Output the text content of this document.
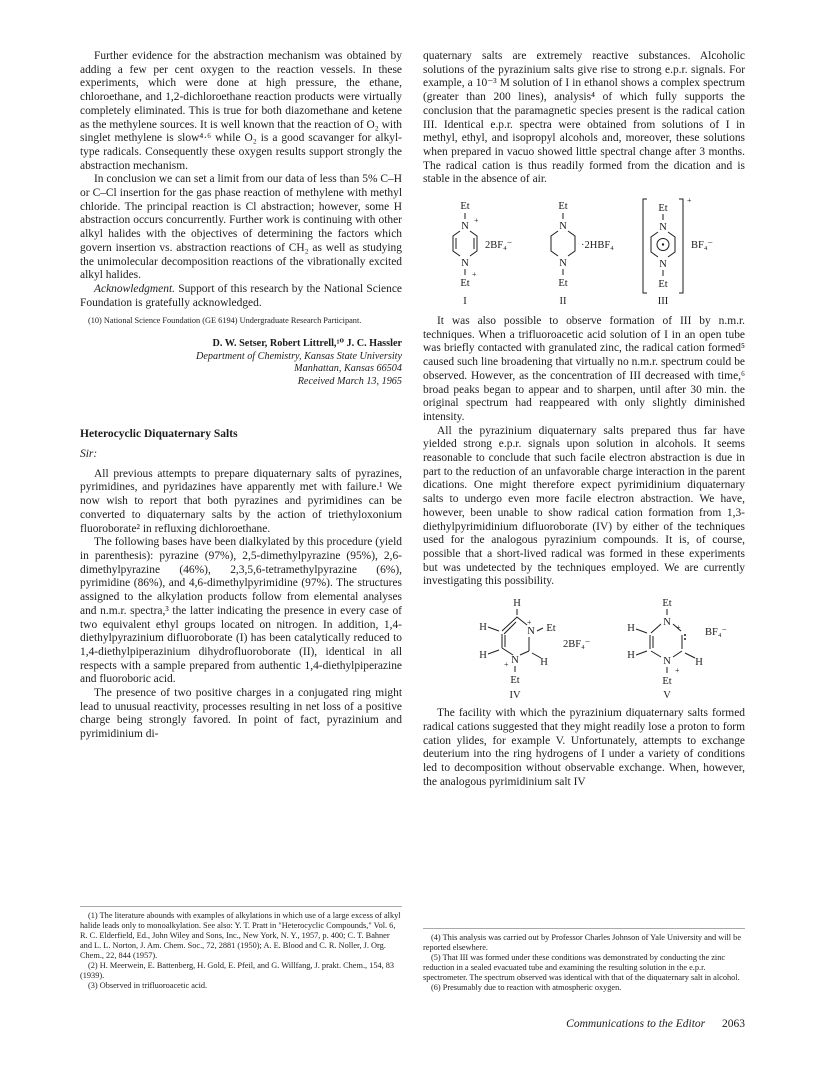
Further evidence for the abstraction mechanism was obtained by adding a few per cent oxygen to the reaction vessels. In these experiments, which were done at high pressure, the ethane, chloroethane, and 1,2-dichloroethane reaction products were virtually completely eliminated. This is true for both diazomethane and ketene as the methylene sources. It is well known that the reaction of O₂ with singlet methylene is slow⁴·⁶ while O₂ is a good scavanger for alkyl-type radicals. Consequently these oxygen results support strongly the abstraction mechanism.

In conclusion we can set a limit from our data of less than 5% C–H or C–Cl insertion for the gas phase reaction of methylene with methyl chloride. The principal reaction is Cl abstraction; however, some H abstraction occurs concurrently. Further work is continuing with other alkyl halides with the objectives of determining the factors which govern insertion vs. abstraction reactions of CH₂ as well as studying the unimolecular decomposition reactions of the vibrationally excited alkyl halides.

Acknowledgment. Support of this research by the National Science Foundation is gratefully acknowledged.

(10) National Science Foundation (GE 6194) Undergraduate Research Participant.

D. W. Setser, Robert Littrell,¹⁰ J. C. Hassler
Department of Chemistry, Kansas State University
Manhattan, Kansas 66504
Received March 13, 1965
Heterocyclic Diquaternary Salts
Sir:

All previous attempts to prepare diquaternary salts of pyrazines, pyrimidines, and pyridazines have apparently met with failure.¹ We now wish to report that both pyrazines and pyrimidines can be converted to diquaternary salts by the action of triethyloxonium fluoroborate² in refluxing dichloroethane.

The following bases have been dialkylated by this procedure (yield in parenthesis): pyrazine (97%), 2,5-dimethylpyrazine (95%), 2,6-dimethylpyrazine (46%), 2,3,5,6-tetramethylpyrazine (6%), pyrimidine (86%), and 4,6-dimethylpyrimidine (97%). The structures assigned to the alkylation products follow from elemental analyses and n.m.r. spectra,³ the latter indicating the presence in every case of two equivalent ethyl groups located on nitrogen. In addition, 1,4-diethylpyrazinium difluoroborate (I) has been catalytically reduced to 1,4-diethylpiperazinium dihydrofluoroborate (II), identical in all respects with a sample prepared from authentic 1,4-diethylpiperazine and fluoroboric acid.

The presence of two positive charges in a conjugated ring might lead to unusual reactivity, processes resulting in net loss of a positive charge being strongly favored. In point of fact, pyrazinium and pyrimidinium di-

(1) The literature abounds with examples of alkylations in which use of a large excess of alkyl halide leads only to monoalkylation. See also: Y. T. Pratt in "Heterocyclic Compounds," Vol. 6, R. C. Elderfield, Ed., John Wiley and Sons, Inc., New York, N. Y., 1957, p. 400; C. T. Bahner and L. L. Norton, J. Am. Chem. Soc., 72, 2881 (1950); A. E. Blood and C. R. Noller, J. Org. Chem., 22, 844 (1957).

(2) H. Meerwein, E. Battenberg, H. Gold, E. Pfeil, and G. Willfang, J. prakt. Chem., 154, 83 (1939).

(3) Observed in trifluoroacetic acid.

quaternary salts are extremely reactive substances. Alcoholic solutions of the pyrazinium salts give rise to strong e.p.r. signals. For example, a 10⁻³ M solution of I in ethanol shows a complex spectrum (greater than 200 lines), analysis⁴ of which fully supports the conclusion that the paramagnetic species present is the radical cation III. Identical e.p.r. spectra were obtained from solutions of I in methyl, ethyl, and isopropyl alcohols and, moreover, these solutions when prepared in vacuo showed little spectral change after 3 months. The radical cation is thus readily formed from the dication and is stable in the absence of air.

Et
N
+
N
+
Et
2BF₄⁻
I
Et
N
N
Et
·2HBF₄
II
+
Et
N
N
Et
BF₄⁻
III

It was also possible to observe formation of III by n.m.r. techniques. When a trifluoroacetic acid solution of I in an open tube was briefly contacted with granulated zinc, the radical cation formed⁵ caused such line broadening that virtually no n.m.r. spectrum could be observed. However, as the concentration of III decreased with time,⁶ broad peaks began to appear and to sharpen, until after 30 min. the original spectrum had reappeared with only slightly diminished intensity.

All the pyrazinium diquaternary salts prepared thus far have yielded strong e.p.r. signals upon solution in alcohols. It seems reasonable to conclude that such facile electron abstraction is due in part to the reduction of an unfavorable charge interaction in the parent dications. One might therefore expect pyrimidinium diquaternary salts to undergo even more facile electron abstraction. We have, however, been unable to show radical cation formation from 1,3-diethylpyrimidinium difluoroborate (IV) by either of the techniques used for the analogous pyrazinium compounds. It is, of course, possible that a short-lived radical was formed in these experiments but was undetected by the techniques employed. We are currently investigating this possibility.

H
H	N
+
Et
H N
+	H
Et
2BF₄⁻
IV
Et
N +
H
H
N H
+
Et
BF₄⁻
V

The facility with which the pyrazinium diquaternary salts formed radical cations suggested that they might readily lose a proton to form cation ylides, for example V. Unfortunately, attempts to exchange deuterium into the ring hydrogens of I under a variety of conditions led to decomposition without observable exchange. When, however, the analogous pyrimidinium salt IV

(4) This analysis was carried out by Professor Charles Johnson of Yale University and will be reported elsewhere.

(5) That III was formed under these conditions was demonstrated by conducting the zinc reduction in a sealed evacuated tube and examining the resulting solution in the e.p.r. spectrometer. The spectrum observed was identical with that of the diquaternary salt in alcohol.

(6) Presumably due to reaction with atmospheric oxygen.

Communications to the Editor 2063
